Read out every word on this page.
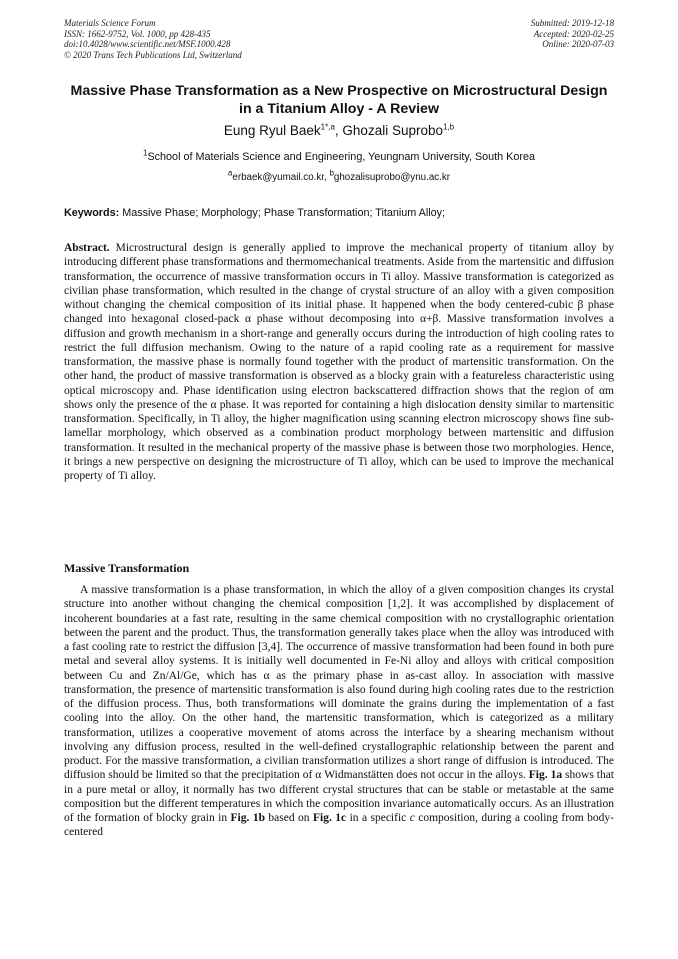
Materials Science Forum
ISSN: 1662-9752, Vol. 1000, pp 428-435
doi:10.4028/www.scientific.net/MSF.1000.428
© 2020 Trans Tech Publications Ltd, Switzerland
Submitted: 2019-12-18
Accepted: 2020-02-25
Online: 2020-07-03
Massive Phase Transformation as a New Prospective on Microstructural Design in a Titanium Alloy - A Review
Eung Ryul Baek$^{1*,a}$, Ghozali Suprobo$^{1,b}$
$^1$School of Materials Science and Engineering, Yeungnam University, South Korea
$^a$erbaek@yumail.co.kr, $^b$ghozalisuprobo@ynu.ac.kr
Keywords: Massive Phase; Morphology; Phase Transformation; Titanium Alloy;
Abstract. Microstructural design is generally applied to improve the mechanical property of titanium alloy by introducing different phase transformations and thermomechanical treatments. Aside from the martensitic and diffusion transformation, the occurrence of massive transformation occurs in Ti alloy. Massive transformation is categorized as civilian phase transformation, which resulted in the change of crystal structure of an alloy with a given composition without changing the chemical composition of its initial phase. It happened when the body centered-cubic β phase changed into hexagonal closed-pack α phase without decomposing into α+β. Massive transformation involves a diffusion and growth mechanism in a short-range and generally occurs during the introduction of high cooling rates to restrict the full diffusion mechanism. Owing to the nature of a rapid cooling rate as a requirement for massive transformation, the massive phase is normally found together with the product of martensitic transformation. On the other hand, the product of massive transformation is observed as a blocky grain with a featureless characteristic using optical microscopy and. Phase identification using electron backscattered diffraction shows that the region of αm shows only the presence of the α phase. It was reported for containing a high dislocation density similar to martensitic transformation. Specifically, in Ti alloy, the higher magnification using scanning electron microscopy shows fine sub-lamellar morphology, which observed as a combination product morphology between martensitic and diffusion transformation. It resulted in the mechanical property of the massive phase is between those two morphologies. Hence, it brings a new perspective on designing the microstructure of Ti alloy, which can be used to improve the mechanical property of Ti alloy.
Massive Transformation
A massive transformation is a phase transformation, in which the alloy of a given composition changes its crystal structure into another without changing the chemical composition [1,2]. It was accomplished by displacement of incoherent boundaries at a fast rate, resulting in the same chemical composition with no crystallographic orientation between the parent and the product. Thus, the transformation generally takes place when the alloy was introduced with a fast cooling rate to restrict the diffusion [3,4]. The occurrence of massive transformation had been found in both pure metal and several alloy systems. It is initially well documented in Fe-Ni alloy and alloys with critical composition between Cu and Zn/Al/Ge, which has α as the primary phase in as-cast alloy. In association with massive transformation, the presence of martensitic transformation is also found during high cooling rates due to the restriction of the diffusion process. Thus, both transformations will dominate the grains during the implementation of a fast cooling into the alloy. On the other hand, the martensitic transformation, which is categorized as a military transformation, utilizes a cooperative movement of atoms across the interface by a shearing mechanism without involving any diffusion process, resulted in the well-defined crystallographic relationship between the parent and product. For the massive transformation, a civilian transformation utilizes a short range of diffusion is introduced. The diffusion should be limited so that the precipitation of α Widmanstätten does not occur in the alloys. Fig. 1a shows that in a pure metal or alloy, it normally has two different crystal structures that can be stable or metastable at the same composition but the different temperatures in which the composition invariance automatically occurs. As an illustration of the formation of blocky grain in Fig. 1b based on Fig. 1c in a specific c composition, during a cooling from body-centered
